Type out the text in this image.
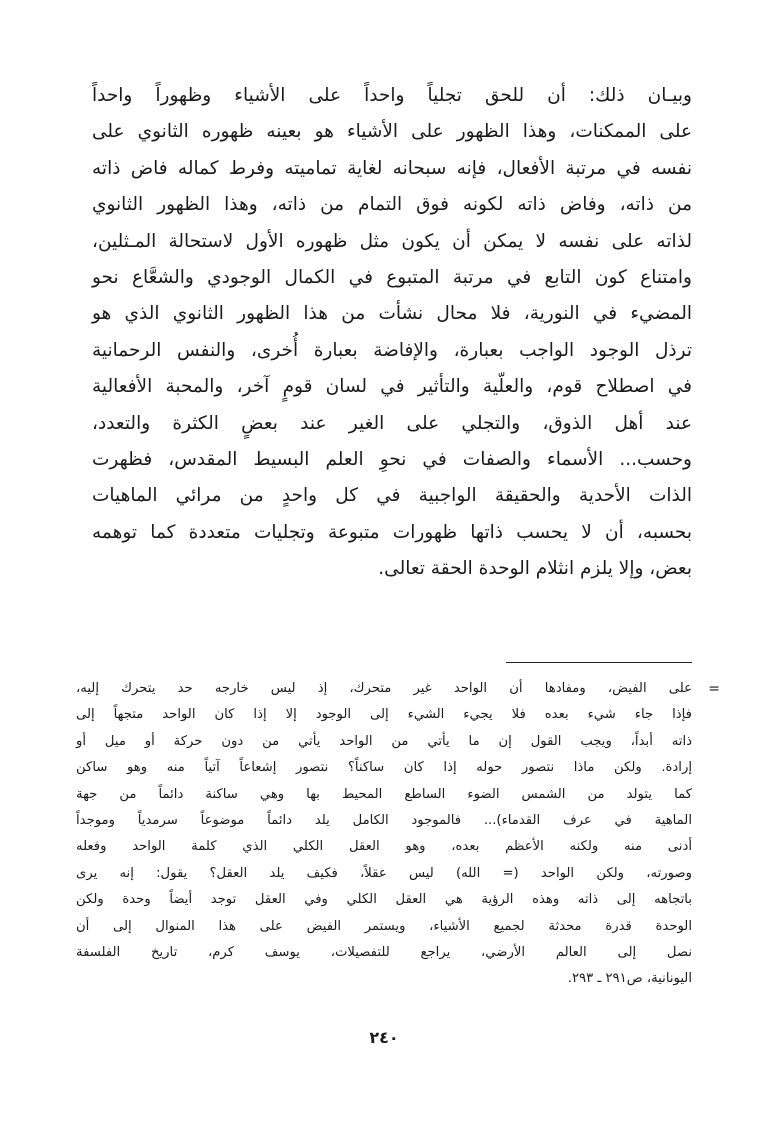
وبيـان ذلك: أن للحق تجلياً واحداً على الأشياء وظهوراً واحداً
على الممكنات، وهذا الظهور على الأشياء هو بعينه ظهوره الثانوي على
نفسه في مرتبة الأفعال، فإنه سبحانه لغاية تماميته وفرط كماله فاض ذاته
من ذاته، وفاض ذاته لكونه فوق التمام من ذاته، وهذا الظهور الثانوي
لذاته على نفسه لا يمكن أن يكون مثل ظهوره الأول لاستحالة المـثلين،
وامتناع كون التابع في مرتبة المتبوع في الكمال الوجودي والشعَّاع نحو
المضيء في النورية، فلا محال نشأت من هذا الظهور الثانوي الذي هو
ترذل الوجود الواجب بعبارة، والإفاضة بعبارة أُخرى، والنفس الرحمانية
في اصطلاح قوم، والعلّية والتأثير في لسان قومٍ آخر، والمحبة الأفعالية
عند أهل الذوق، والتجلي على الغير عند بعضٍ الكثرة والتعدد،
وحسب... الأسماء والصفات في نحوِ العلم البسيط المقدس، فظهرت
الذات الأحدية والحقيقة الواجبية في كل واحدٍ من مرائي الماهيات
بحسبه، أن لا يحسب ذاتها ظهورات متبوعة وتجليات متعددة كما توهمه
بعض، وإلا يلزم انثلام الوحدة الحقة تعالى.
=
على الفيض، ومفادها أن الواحد غير متحرك، إذ ليس خارجه حد يتحرك إليه،
فإذا جاء شيء بعده فلا يجيء الشيء إلى الوجود إلا إذا كان الواحد متجهاً إلى
ذاته أبداً، ويجب القول إن ما يأتي من الواحد يأتي من دون حركة أو ميل أو
إرادة. ولكن ماذا نتصور حوله إذا كان ساكناً؟ نتصور إشعاعاً آتياً منه وهو ساكن
كما يتولد من الشمس الضوء الساطع المحيط بها وهي ساكنة دائماً من جهة
الماهية في عرف القدماء)... فالموجود الكامل يلد دائماً موضوعاً سرمدياً وموجداً
أدنى منه ولكنه الأعظم بعده، وهو العقل الكلي الذي كلمة الواحد وفعله
وصورته، ولكن الواحد (= الله) ليس عقلاً، فكيف يلد العقل؟ يقول: إنه يرى
باتجاهه إلى ذاته وهذه الرؤية هي العقل الكلي وفي العقل توجد أيضاً وحدة ولكن
الوحدة قدرة محدثة لجميع الأشياء، ويستمر الفيض على هذا المنوال إلى أن
نصل إلى العالم الأرضي، يراجع للتفصيلات، يوسف كرم، تاريخ الفلسفة
اليونانية، ص٢٩١ ـ ٢٩٣.
٢٤٠
